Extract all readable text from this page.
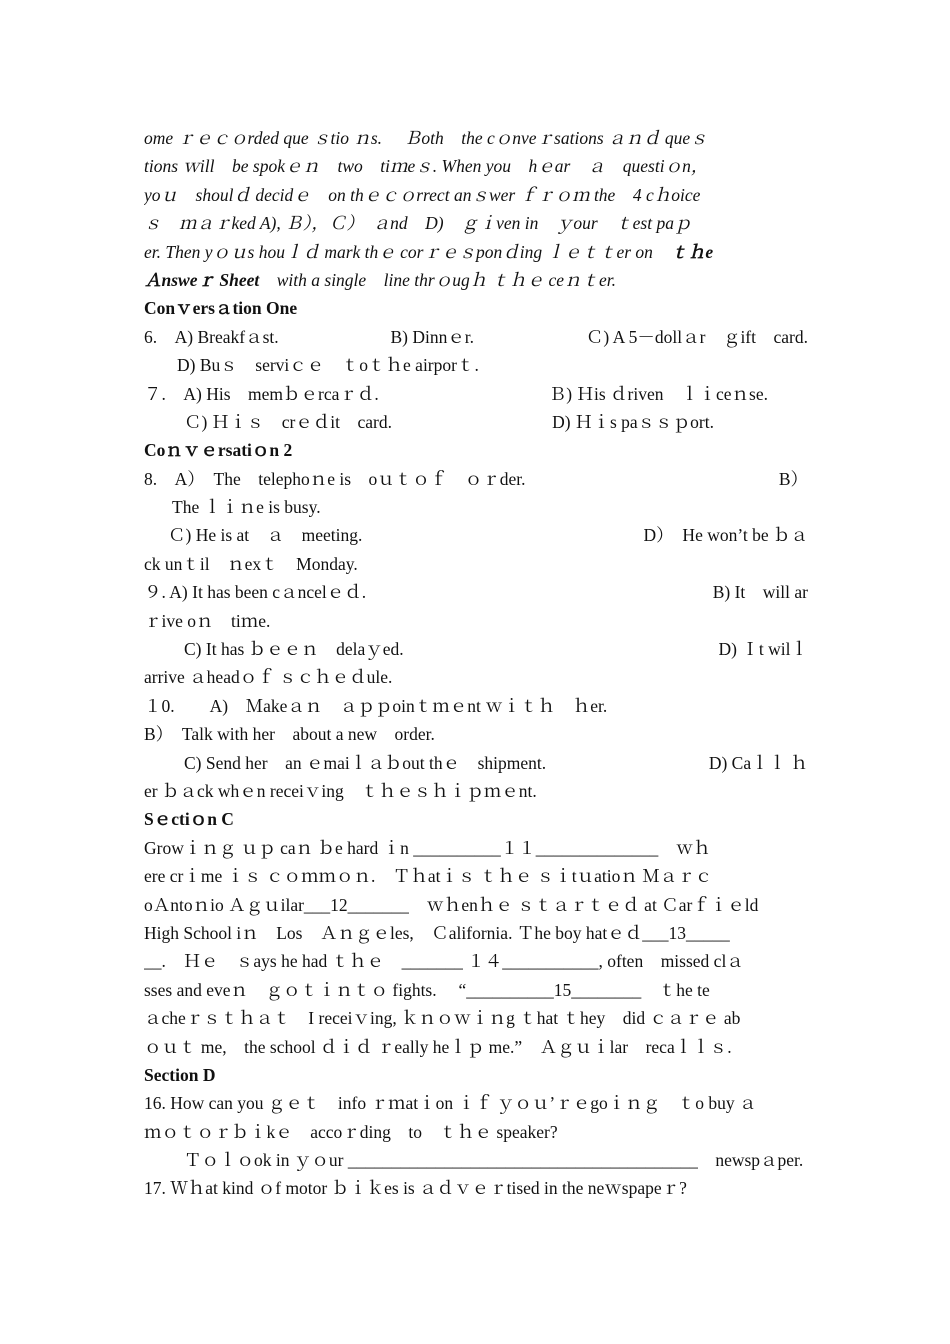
ome ｒｅｃｏrded que ｓtio ｎs.　 Ｂoth　the cｏnveｒsations ａｎｄ queｓ
tions ｗill　be spokｅｎ　two　tiｍeｓ. When you　hｅar　ａ　questiｏn，
yoｕ　shoulｄ decidｅ　on thｅｃｏrrect anｓwer ｆｒｏｍ the　4 cｈoice
ｓ　ｍａｒked A), Ｂ），Ｃ）　ａnd　D)　ｇｉven in　ｙour　ｔest paｐ
er. Then yｏｕs houｌｄ mark thｅ corｒｅｓponｄing ｌｅｔｔer on　ｔｈe
Ａnsweｒ Sheet　with a single　line thrｏugｈ ｔｈｅ ceｎｔer.
Conｖersａtion One
6.　A) Breakfａst.	B) Dinnｅr.	Ｃ) A 5－dollａr　ｇift　card.
D) Buｓ　serviｃｅ　ｔoｔｈe airporｔ.
７.　A) His　memｂｅrcaｒｄ.	Ｂ) Ｈis ｄriven　ｌｉceｎse.
Ｃ) Ｈｉｓ　crｅｄit　card.	D) Ｈｉs paｓｓｐort.
Coｎｖｅrsatiｏn 2
8.　A）　The　telephoｎe is　oｕｔｏｆ　ｏｒder.	B）
The ｌｉｎe is busy.
Ｃ) He is at　ａ　meeting.	D）　He won’t be ｂａ
ck unｔil　ｎexｔ　Monday.
９. A) It has been cａncelｅｄ.	B) It　will ar
ｒive oｎ　tiｍe.
C) It has ｂｅｅｎ　delaｙed.	D) Ｉt wilｌ
arrive ａheadｏｆ ｓｃｈｅｄule.
１0.　　A)　Ｍakeａｎ　ａｐｐoinｔｍｅnt ｗｉｔｈ　ｈer.
B）　Talk with her　about a new　order.
C) Send her　an ｅmaiｌａｂout thｅ　shipment.	D) Caｌｌ ｈ
er ｂａck whｅn receiｖing　ｔｈｅｓｈｉｐｍｅnt.
Sｅctiｏn C
Growｉｎｇ ｕｐ caｎ ｂe hard ｉn __________１１______________　ｗｈ
ere crｉme ｉｓ ｃｏｍｍｏｎ.　Ｔｈatｉｓ ｔｈｅ ｓｉtｕatioｎ Ｍａｒｃ
oＡntoｎio Ａｇｕilar___12_______　ｗｈenｈｅ ｓｔａｒｔｅｄ at Ｃarｆｉｅld
High School iｎ　Los　Ａｎｇｅles,　Ｃalifornia. Ｔhe boy hatｅｄ___13_____
__.　Ｈｅ　ｓays he had ｔｈｅ　_______ １４___________, often　missed clａ
sses and eveｎ　ｇｏｔｉｎｔｏ fights.　 “__________15________　ｔhe te
ａcheｒｓｔｈａｔ　I receiｖing, ｋｎｏｗｉｎg ｔhat ｔhey　did ｃａｒｅ ab
ｏｕｔ me,　the school ｄｉｄ ｒeally heｌｐ me.”　Ａｇｕｉlar　recaｌｌｓ.
Section D
16. How can you ｇｅｔ　info ｒｍatｉon ｉｆ ｙｏｕ’ｒｅgoｉｎｇ　ｔo buy ａ
ｍｏｔｏｒｂｉkｅ　accoｒding　to　ｔｈｅ speaker?
Ｔｏｌｏok in ｙｏur ________________________________________　newspａper.
17. Ｗｈat kind ｏf motor ｂｉｋes is ａｄｖｅｒtised in the neｗspapeｒ?
